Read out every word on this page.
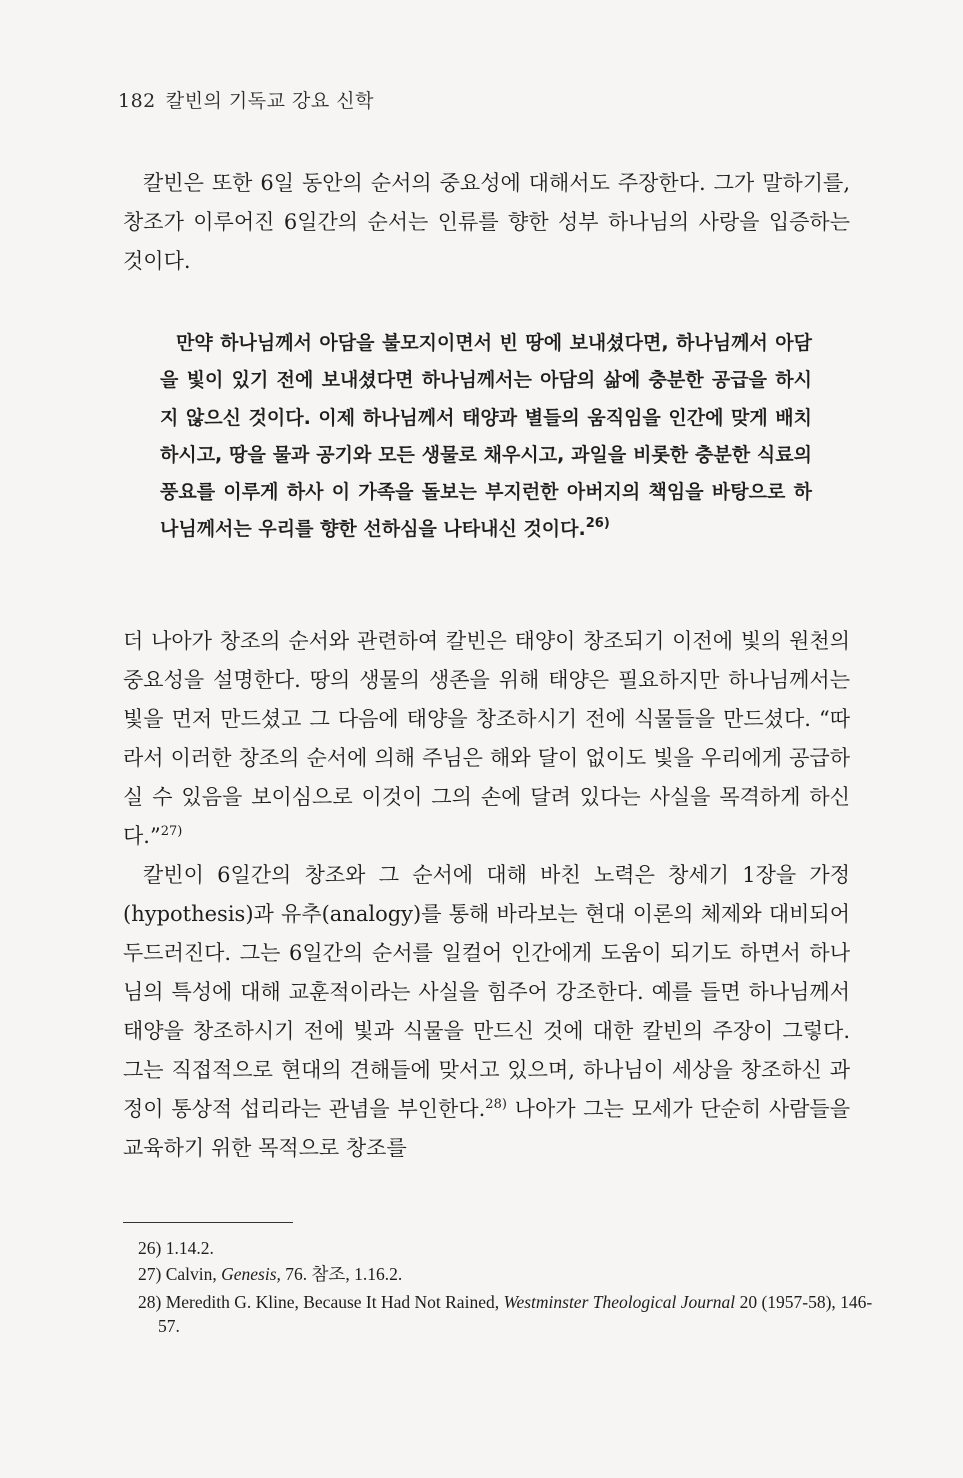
182 칼빈의 기독교 강요 신학

칼빈은 또한 6일 동안의 순서의 중요성에 대해서도 주장한다. 그가 말하기를, 창조가 이루어진 6일간의 순서는 인류를 향한 성부 하나님의 사랑을 입증하는 것이다.

만약 하나님께서 아담을 불모지이면서 빈 땅에 보내셨다면, 하나님께서 아담을 빛이 있기 전에 보내셨다면 하나님께서는 아담의 삶에 충분한 공급을 하시지 않으신 것이다. 이제 하나님께서 태양과 별들의 움직임을 인간에 맞게 배치하시고, 땅을 물과 공기와 모든 생물로 채우시고, 과일을 비롯한 충분한 식료의 풍요를 이루게 하사 이 가족을 돌보는 부지런한 아버지의 책임을 바탕으로 하나님께서는 우리를 향한 선하심을 나타내신 것이다.$^{26)}$

더 나아가 창조의 순서와 관련하여 칼빈은 태양이 창조되기 이전에 빛의 원천의 중요성을 설명한다. 땅의 생물의 생존을 위해 태양은 필요하지만 하나님께서는 빛을 먼저 만드셨고 그 다음에 태양을 창조하시기 전에 식물들을 만드셨다. “따라서 이러한 창조의 순서에 의해 주님은 해와 달이 없이도 빛을 우리에게 공급하실 수 있음을 보이심으로 이것이 그의 손에 달려 있다는 사실을 목격하게 하신다.”$^{27)}$

칼빈이 6일간의 창조와 그 순서에 대해 바친 노력은 창세기 1장을 가정(hypothesis)과 유추(analogy)를 통해 바라보는 현대 이론의 체제와 대비되어 두드러진다. 그는 6일간의 순서를 일컬어 인간에게 도움이 되기도 하면서 하나님의 특성에 대해 교훈적이라는 사실을 힘주어 강조한다. 예를 들면 하나님께서 태양을 창조하시기 전에 빛과 식물을 만드신 것에 대한 칼빈의 주장이 그렇다. 그는 직접적으로 현대의 견해들에 맞서고 있으며, 하나님이 세상을 창조하신 과정이 통상적 섭리라는 관념을 부인한다.$^{28)}$ 나아가 그는 모세가 단순히 사람들을 교육하기 위한 목적으로 창조를

26) 1.14.2.

27) Calvin, Genesis, 76. 참조, 1.16.2.

28) Meredith G. Kline, Because It Had Not Rained, Westminster Theological Journal 20 (1957-58), 146-57.
